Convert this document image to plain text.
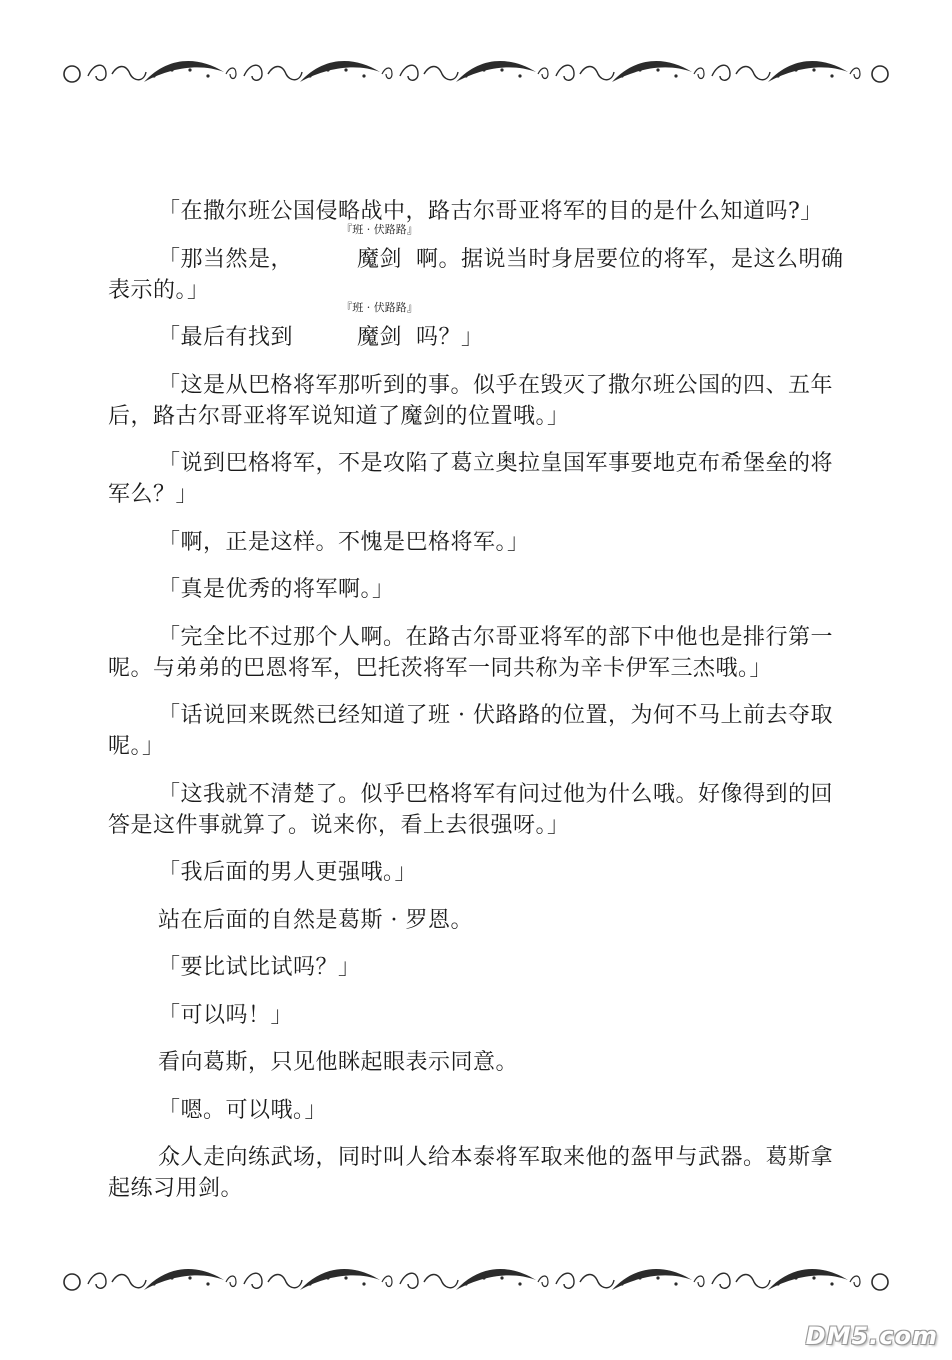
「在撒尔班公国侵略战中，路古尔哥亚将军的目的是什么知道吗?」

「那当然是，
『班 · 伏路路』
魔剑 啊。据说当时身居要位的将军，是这么明确表示的。」

「最后有找到
『班 · 伏路路』
魔剑 吗？」

「这是从巴格将军那听到的事。似乎在毁灭了撒尔班公国的四、五年后，路古尔哥亚将军说知道了魔剑的位置哦。」

「说到巴格将军，不是攻陷了葛立奥拉皇国军事要地克布希堡垒的将军么？」

「啊，正是这样。不愧是巴格将军。」

「真是优秀的将军啊。」

「完全比不过那个人啊。在路古尔哥亚将军的部下中他也是排行第一呢。与弟弟的巴恩将军，巴托茨将军一同共称为辛卡伊军三杰哦。」

「话说回来既然已经知道了班 · 伏路路的位置，为何不马上前去夺取呢。」

「这我就不清楚了。似乎巴格将军有问过他为什么哦。好像得到的回答是这件事就算了。说来你，看上去很强呀。」

「我后面的男人更强哦。」

站在后面的自然是葛斯 · 罗恩。

「要比试比试吗？」

「可以吗！」

看向葛斯，只见他眯起眼表示同意。

「嗯。可以哦。」

众人走向练武场，同时叫人给本泰将军取来他的盔甲与武器。葛斯拿起练习用剑。

DM5.com
